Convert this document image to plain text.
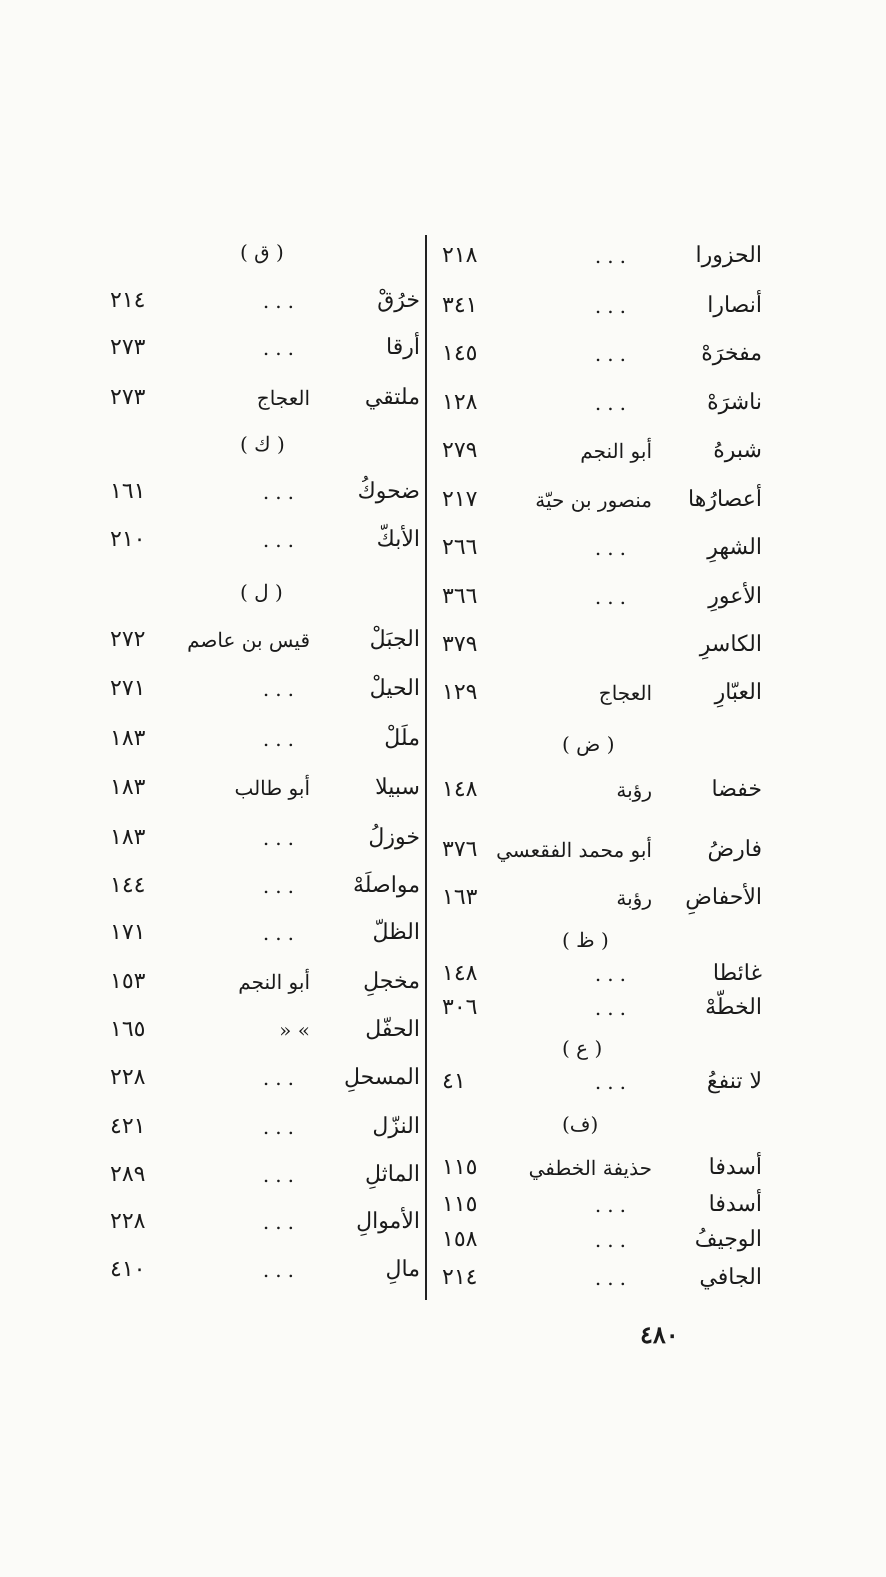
( ق )
خرُقْ
...
٢١٤
أرقا
...
٢٧٣
ملتقي
العجاج
٢٧٣
( ك )
ضحوكُ
...
١٦١
الأبكّ
...
٢١٠
( ل )
الجبَلْ
قيس بن عاصم
٢٧٢
الحيلْ
...
٢٧١
ملَلْ
...
١٨٣
سبيلا
أبو طالب
١٨٣
خوزلُ
...
١٨٣
مواصلَهْ
...
١٤٤
الظلّ
...
١٧١
مخجلِ
أبو النجم
١٥٣
الحفّل
» «
١٦٥
المسحلِ
...
٢٢٨
النزّل
...
٤٢١
الماثلِ
...
٢٨٩
الأموالِ
...
٢٢٨
مالِ
...
٤١٠
الحزورا
...
٢١٨
أنصارا
...
٣٤١
مفخرَهْ
...
١٤٥
ناشرَهْ
...
١٢٨
شبرهُ
أبو النجم
٢٧٩
أعصارُها
منصور بن حيّة
٢١٧
الشهرِ
...
٢٦٦
الأعورِ
...
٣٦٦
الكاسرِ
٣٧٩
العبّارِ
العجاج
١٢٩
( ض )
خفضا
رؤبة
١٤٨
فارضُ
أبو محمد الفقعسي
٣٧٦
الأحفاضِ
رؤبة
١٦٣
( ظ )
غائطا
...
١٤٨
الخطّهْ
...
٣٠٦
( ع )
لا تنفعُ
...
٤١
(ف)
أسدفا
حذيفة الخطفي
١١٥
أسدفا
...
١١٥
الوجيفُ
...
١٥٨
الجافي
...
٢١٤
٤٨٠
